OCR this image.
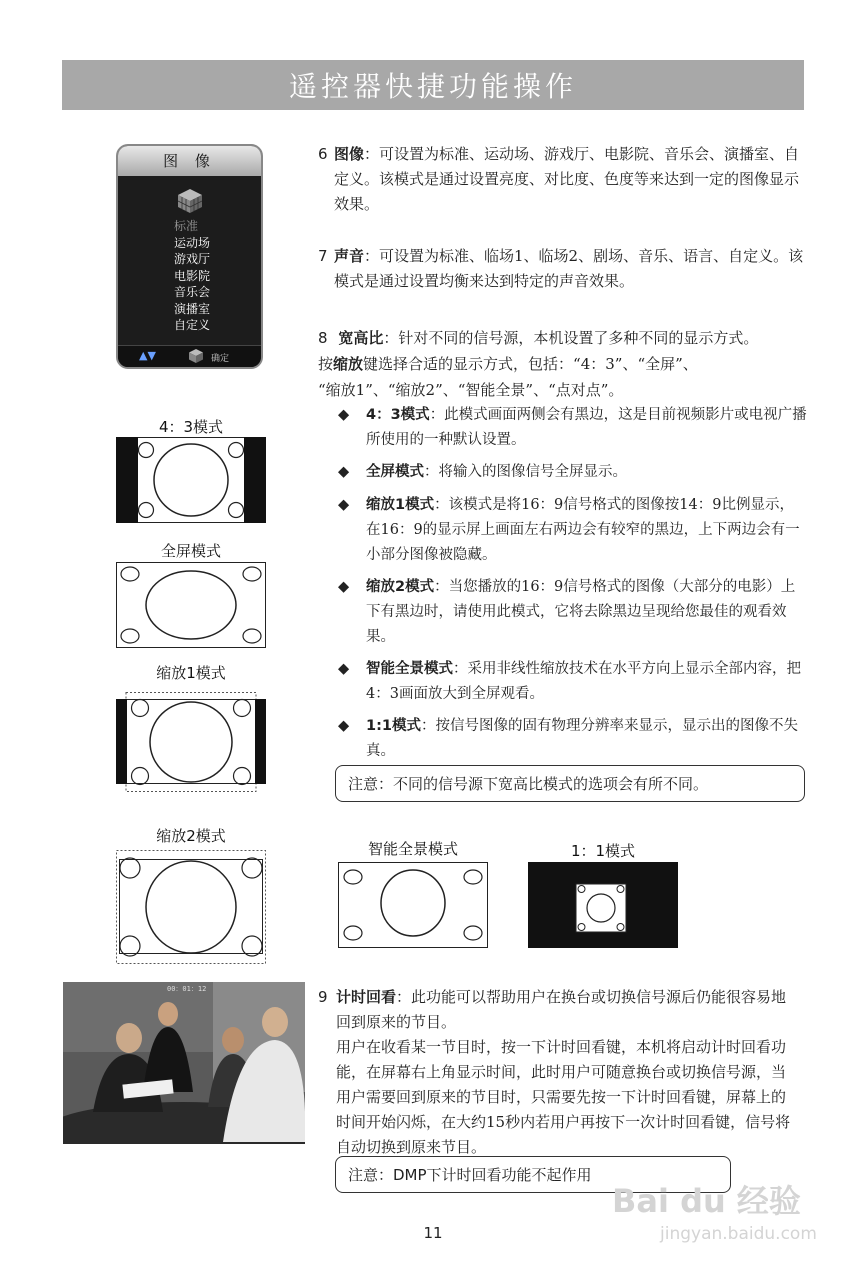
遥控器快捷功能操作
图 像
标准
运动场
游戏厅
电影院
音乐会
演播室
自定义
▲▼	确定
4：3模式
全屏模式
缩放1模式
缩放2模式
智能全景模式	1：1模式
6 图像：可设置为标准、运动场、游戏厅、电影院、音乐会、演播室、自定义。该模式是通过设置亮度、对比度、色度等来达到一定的图像显示效果。
7 声音：可设置为标准、临场1、临场2、剧场、音乐、语言、自定义。该模式是通过设置均衡来达到特定的声音效果。
8 宽高比：针对不同的信号源，本机设置了多种不同的显示方式。
按缩放键选择合适的显示方式，包括：“4：3”、“全屏”、
“缩放1”、“缩放2”、“智能全景”、“点对点”。
◆ 4：3模式：此模式画面两侧会有黑边，这是目前视频影片或电视广播所使用的一种默认设置。
◆ 全屏模式：将输入的图像信号全屏显示。
◆ 缩放1模式：该模式是将16：9信号格式的图像按14：9比例显示，在16：9的显示屏上画面左右两边会有较窄的黑边，上下两边会有一小部分图像被隐藏。
◆ 缩放2模式：当您播放的16：9信号格式的图像（大部分的电影）上下有黑边时，请使用此模式，它将去除黑边呈现给您最佳的观看效果。
◆ 智能全景模式：采用非线性缩放技术在水平方向上显示全部内容，把4：3画面放大到全屏观看。
◆ 1:1模式：按信号图像的固有物理分辨率来显示，显示出的图像不失真。
注意：不同的信号源下宽高比模式的选项会有所不同。
00：01：12	9 计时回看：此功能可以帮助用户在换台或切换信号源后仍能很容易地回到原来的节目。
用户在收看某一节目时，按一下计时回看键，本机将启动计时回看功能，在屏幕右上角显示时间，此时用户可随意换台或切换信号源，当用户需要回到原来的节目时，只需要先按一下计时回看键，屏幕上的时间开始闪烁，在大约15秒内若用户再按下一次计时回看键，信号将自动切换到原来节目。
注意：DMP下计时回看功能不起作用
Bai du 经验
jingyan.baidu.com
11
